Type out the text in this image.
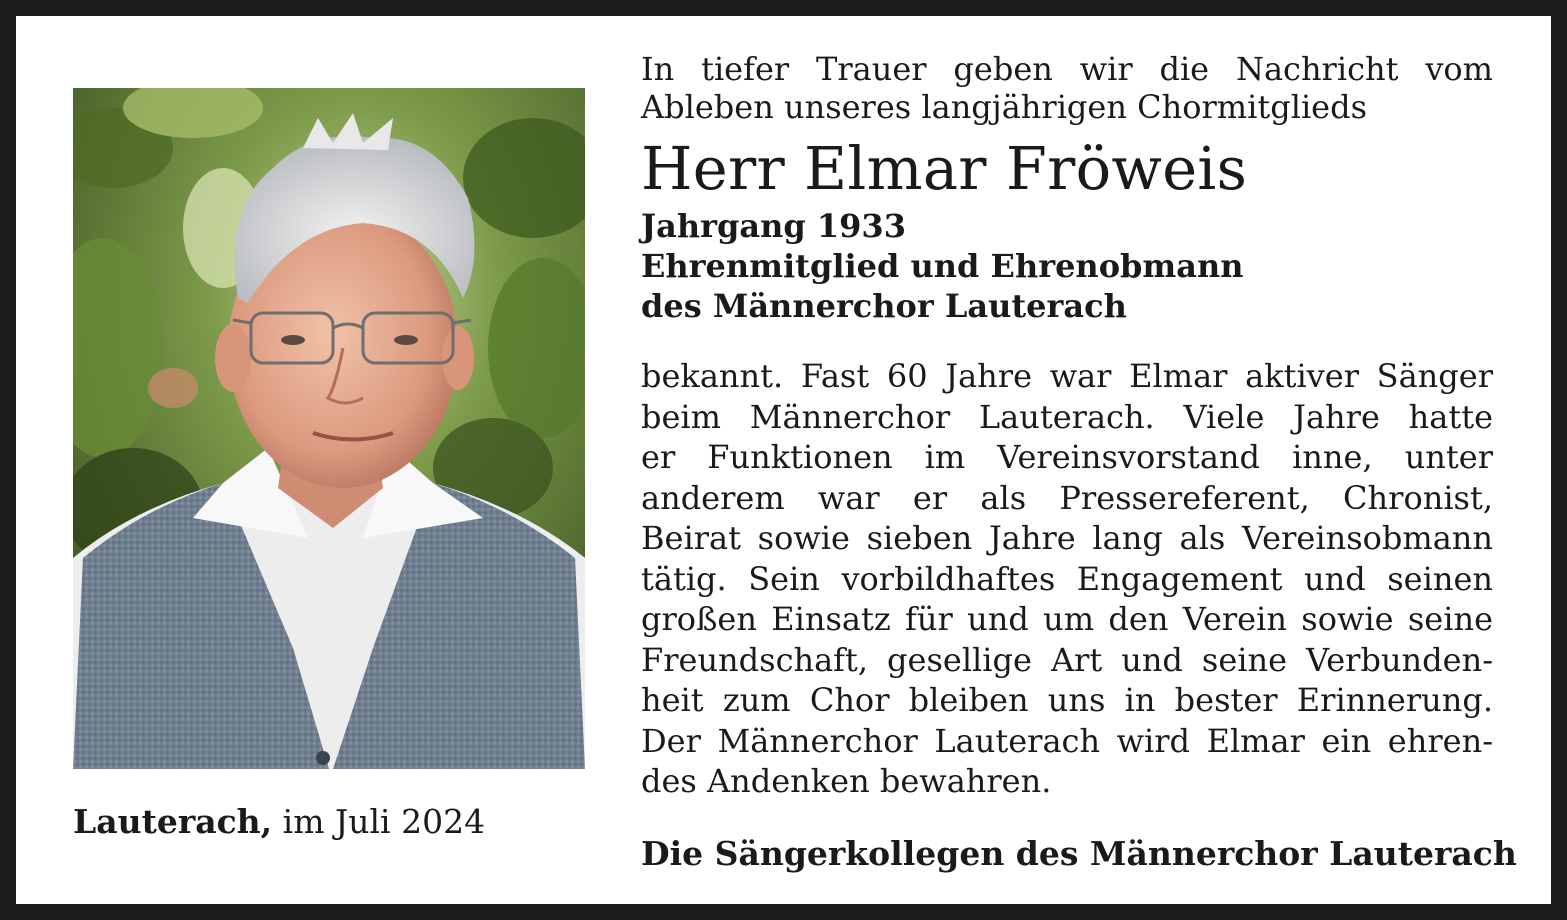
Lauterach, im Juli 2024

In tiefer Trauer geben wir die Nachricht vom
Ableben unseres langjährigen Chormitglieds

Herr Elmar Fröweis

Jahrgang 1933
Ehrenmitglied und Ehrenobmann
des Männerchor Lauterach

bekannt. Fast 60 Jahre war Elmar aktiver Sänger
beim Männerchor Lauterach. Viele Jahre hatte
er Funktionen im Vereinsvorstand inne, unter
anderem war er als Pressereferent, Chronist,
Beirat sowie sieben Jahre lang als Vereinsobmann
tätig. Sein vorbildhaftes Engagement und seinen
großen Einsatz für und um den Verein sowie seine
Freundschaft, gesellige Art und seine Verbunden-
heit zum Chor bleiben uns in bester Erinnerung.
Der Männerchor Lauterach wird Elmar ein ehren-
des Andenken bewahren.

Die Sängerkollegen des Männerchor Lauterach
